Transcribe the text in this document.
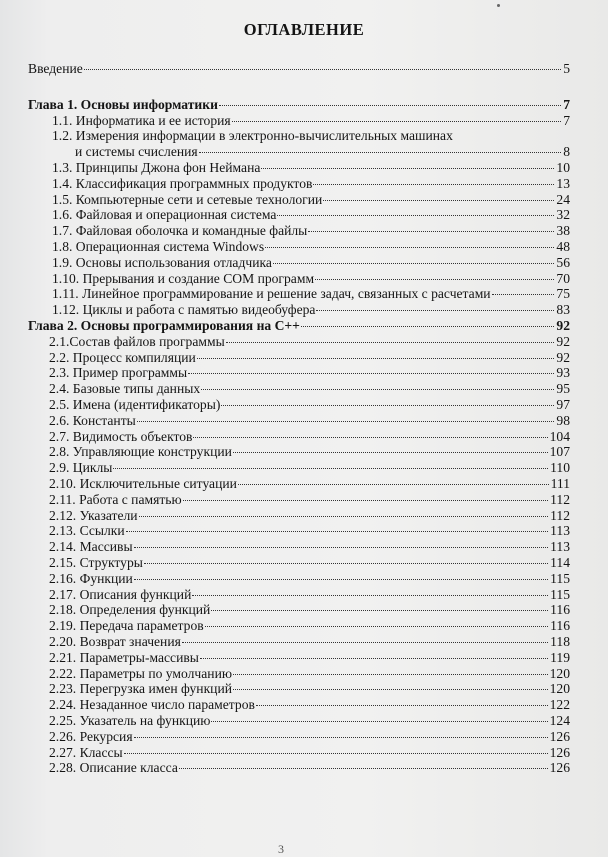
ОГЛАВЛЕНИЕ
Введение	5
Глава 1. Основы информатики	7
1.1. Информатика и ее история	7
1.2. Измерения информации в электронно-вычислительных машинах
и системы счисления	8
1.3. Принципы Джона фон Неймана	10
1.4. Классификация программных продуктов	13
1.5. Компьютерные сети и сетевые технологии	24
1.6. Файловая и операционная система	32
1.7. Файловая оболочка и командные файлы	38
1.8. Операционная система Windows	48
1.9. Основы использования отладчика	56
1.10. Прерывания и создание COM программ	70
1.11. Линейное программирование и решение задач, связанных с расчетами	75
1.12. Циклы и работа с памятью видеобуфера	83
Глава 2. Основы программирования на С++	92
2.1.Состав файлов программы	92
2.2. Процесс компиляции	92
2.3. Пример программы	93
2.4. Базовые типы данных	95
2.5. Имена (идентификаторы)	97
2.6. Константы	98
2.7. Видимость объектов	104
2.8. Управляющие конструкции	107
2.9. Циклы	110
2.10. Исключительные ситуации	111
2.11. Работа с памятью	112
2.12. Указатели	112
2.13. Ссылки	113
2.14. Массивы	113
2.15. Структуры	114
2.16. Функции	115
2.17. Описания функций	115
2.18. Определения функций	116
2.19. Передача параметров	116
2.20. Возврат значения	118
2.21. Параметры-массивы	119
2.22. Параметры по умолчанию	120
2.23. Перегрузка имен функций	120
2.24. Незаданное число параметров	122
2.25. Указатель на функцию	124
2.26. Рекурсия	126
2.27. Классы	126
2.28. Описание класса	126
3
